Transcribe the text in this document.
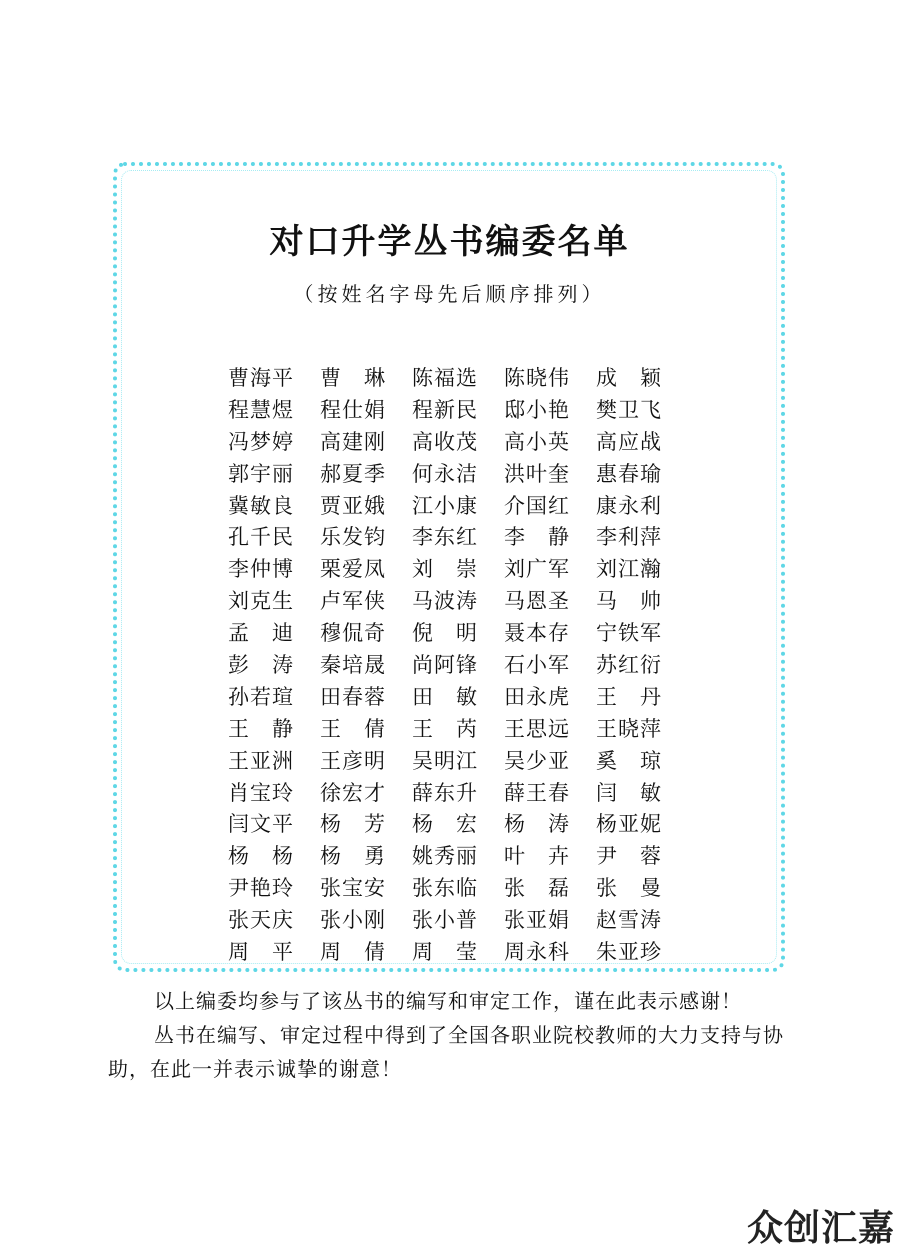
对口升学丛书编委名单
（按姓名字母先后顺序排列）
曹海平	曹　琳	陈福选	陈晓伟	成　颖
程慧煜	程仕娟	程新民	邸小艳	樊卫飞
冯梦婷	高建刚	高收茂	高小英	高应战
郭宇丽	郝夏季	何永洁	洪叶奎	惠春瑜
冀敏良	贾亚娥	江小康	介国红	康永利
孔千民	乐发钧	李东红	李　静	李利萍
李仲博	栗爱凤	刘　崇	刘广军	刘江瀚
刘克生	卢军侠	马波涛	马恩圣	马　帅
孟　迪	穆侃奇	倪　明	聂本存	宁铁军
彭　涛	秦培晟	尚阿锋	石小军	苏红衍
孙若瑄	田春蓉	田　敏	田永虎	王　丹
王　静	王　倩	王　芮	王思远	王晓萍
王亚洲	王彦明	吴明江	吴少亚	奚　琼
肖宝玲	徐宏才	薛东升	薛王春	闫　敏
闫文平	杨　芳	杨　宏	杨　涛	杨亚妮
杨　杨	杨　勇	姚秀丽	叶　卉	尹　蓉
尹艳玲	张宝安	张东临	张　磊	张　曼
张天庆	张小刚	张小普	张亚娟	赵雪涛
周　平	周　倩	周　莹	周永科	朱亚珍

以上编委均参与了该丛书的编写和审定工作，谨在此表示感谢！

丛书在编写、审定过程中得到了全国各职业院校教师的大力支持与协助，在此一并表示诚挚的谢意！

众创汇嘉
